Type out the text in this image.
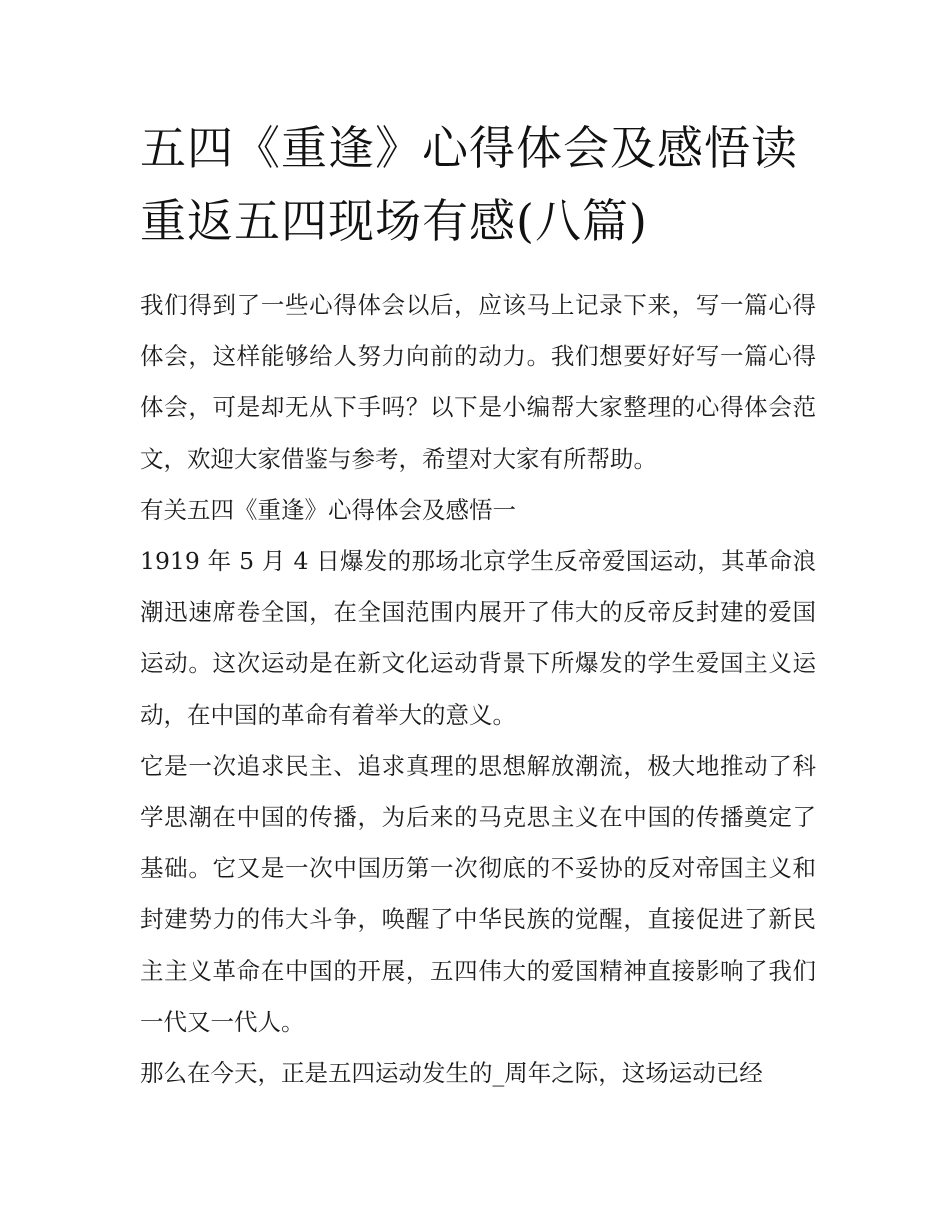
五四《重逢》心得体会及感悟读重返五四现场有感(八篇)

我们得到了一些心得体会以后，应该马上记录下来，写一篇心得体会，这样能够给人努力向前的动力。我们想要好好写一篇心得体会，可是却无从下手吗？以下是小编帮大家整理的心得体会范文，欢迎大家借鉴与参考，希望对大家有所帮助。

有关五四《重逢》心得体会及感悟一

1919 年 5 月 4 日爆发的那场北京学生反帝爱国运动，其革命浪潮迅速席卷全国，在全国范围内展开了伟大的反帝反封建的爱国运动。这次运动是在新文化运动背景下所爆发的学生爱国主义运动，在中国的革命有着举大的意义。

它是一次追求民主、追求真理的思想解放潮流，极大地推动了科学思潮在中国的传播，为后来的马克思主义在中国的传播奠定了基础。它又是一次中国历第一次彻底的不妥协的反对帝国主义和封建势力的伟大斗争，唤醒了中华民族的觉醒，直接促进了新民主主义革命在中国的开展，五四伟大的爱国精神直接影响了我们一代又一代人。

那么在今天，正是五四运动发生的_周年之际，这场运动已经
